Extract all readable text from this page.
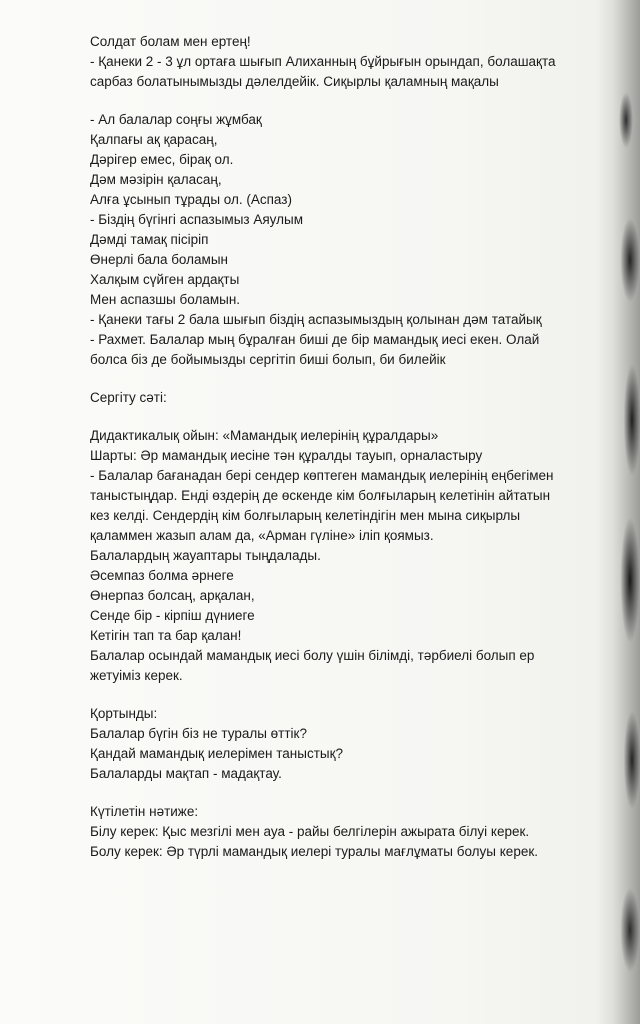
Солдат болам мен ертең!
- Қанеки 2 - 3 ұл ортаға шығып Алиханның бұйрығын орындап, болашақта
сарбаз болатынымызды дәлелдейік. Сиқырлы қаламның мақалы
- Ал балалар соңғы жұмбақ
Қалпағы ақ қарасаң,
Дәрігер емес, бірақ ол.
Дәм мәзірін қаласаң,
Алға ұсынып тұрады ол. (Аспаз)
- Біздің бүгінгі аспазымыз Аяулым
Дәмді тамақ пісіріп
Өнерлі бала боламын
Халқым сүйген ардақты
Мен аспазшы боламын.
- Қанеки тағы 2 бала шығып біздің аспазымыздың қолынан дәм татайық
- Рахмет. Балалар мың бұралған биші де бір мамандық иесі екен. Олай
болса біз де бойымызды сергітіп биші болып, би билейік
Сергіту сәті:
Дидактикалық ойын: «Мамандық иелерінің құралдары»
Шарты: Әр мамандық иесіне тән құралды тауып, орналастыру
- Балалар бағанадан бері сендер көптеген мамандық иелерінің еңбегімен
таныстыңдар. Енді өздерің де өскенде кім болғыларың келетінін айтатын
кез келді. Сендердің кім болғыларың келетіндігін мен мына сиқырлы
қаламмен жазып алам да, «Арман гүліне» іліп қоямыз.
Балалардың жауаптары тыңдалады.
Әсемпаз болма әрнеге
Өнерпаз болсаң, арқалан,
Сенде бір - кірпіш дүниеге
Кетігін тап та бар қалан!
Балалар осындай мамандық иесі болу үшін білімді, тәрбиелі болып ер
жетуіміз керек.
Қортынды:
Балалар бүгін біз не туралы өттік?
Қандай мамандық иелерімен таныстық?
Балаларды мақтап - мадақтау.
Күтілетін нәтиже:
Білу керек: Қыс мезгілі мен ауа - райы белгілерін ажырата білуі керек.
Болу керек: Әр түрлі мамандық иелері туралы мағлұматы болуы керек.
